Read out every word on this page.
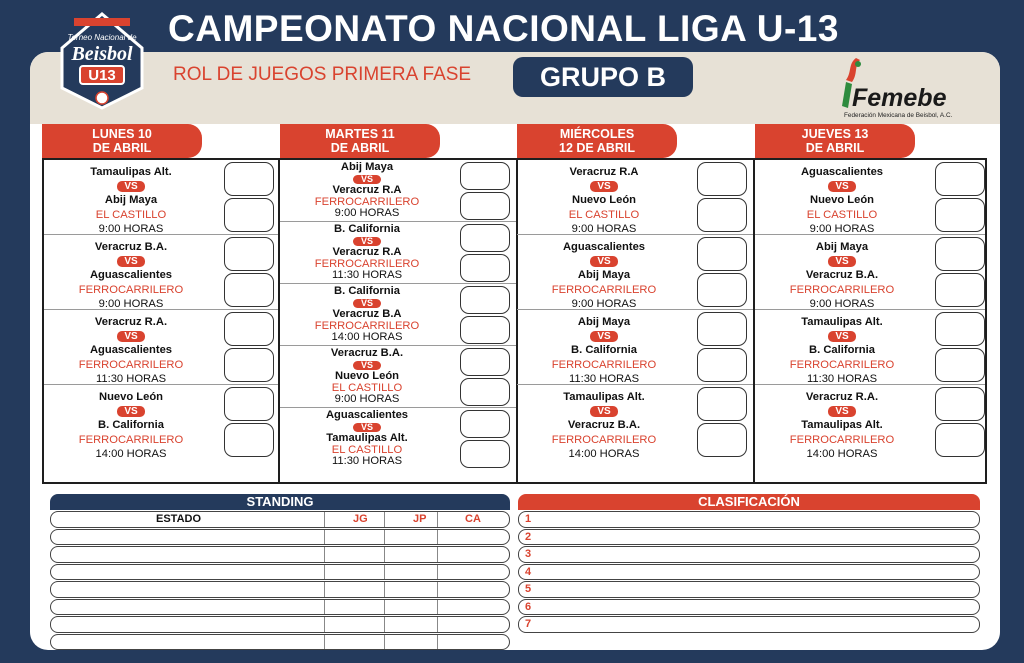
Torneo Nacional de
Beisbol
U13
CAMPEONATO NACIONAL LIGA U-13
ROL DE JUEGOS PRIMERA FASE	GRUPO B
Femebe
Federación Mexicana de Beisbol, A.C.
LUNES 10
DE ABRIL
Tamaulipas Alt.
VS
Abij Maya
EL CASTILLO
9:00 HORAS
Veracruz B.A.
VS
Aguascalientes
FERROCARRILERO
9:00 HORAS
Veracruz R.A.
VS
Aguascalientes
FERROCARRILERO
11:30 HORAS
Nuevo León
VS
B. California
FERROCARRILERO
14:00 HORAS
MARTES 11
DE ABRIL
Abij Maya
VS
Veracruz R.A
FERROCARRILERO
9:00 HORAS
B. California
VS
Veracruz R.A
FERROCARRILERO
11:30 HORAS
B. California
VS
Veracruz B.A
FERROCARRILERO
14:00 HORAS
Veracruz B.A.
VS
Nuevo León
EL CASTILLO
9:00 HORAS
Aguascalientes
VS
Tamaulipas Alt.
EL CASTILLO
11:30 HORAS
MIÉRCOLES
12 DE ABRIL
Veracruz R.A
VS
Nuevo León
EL CASTILLO
9:00 HORAS
Aguascalientes
VS
Abij Maya
FERROCARRILERO
9:00 HORAS
Abij Maya
VS
B. California
FERROCARRILERO
11:30 HORAS
Tamaulipas Alt.
VS
Veracruz B.A.
FERROCARRILERO
14:00 HORAS
JUEVES 13
DE ABRIL
Aguascalientes
VS
Nuevo León
EL CASTILLO
9:00 HORAS
Abij Maya
VS
Veracruz B.A.
FERROCARRILERO
9:00 HORAS
Tamaulipas Alt.
VS
B. California
FERROCARRILERO
11:30 HORAS
Veracruz R.A.
VS
Tamaulipas Alt.
FERROCARRILERO
14:00 HORAS
STANDING
ESTADO	JG	JP	CA
CLASIFICACIÓN
1
2
3
4
5
6
7
